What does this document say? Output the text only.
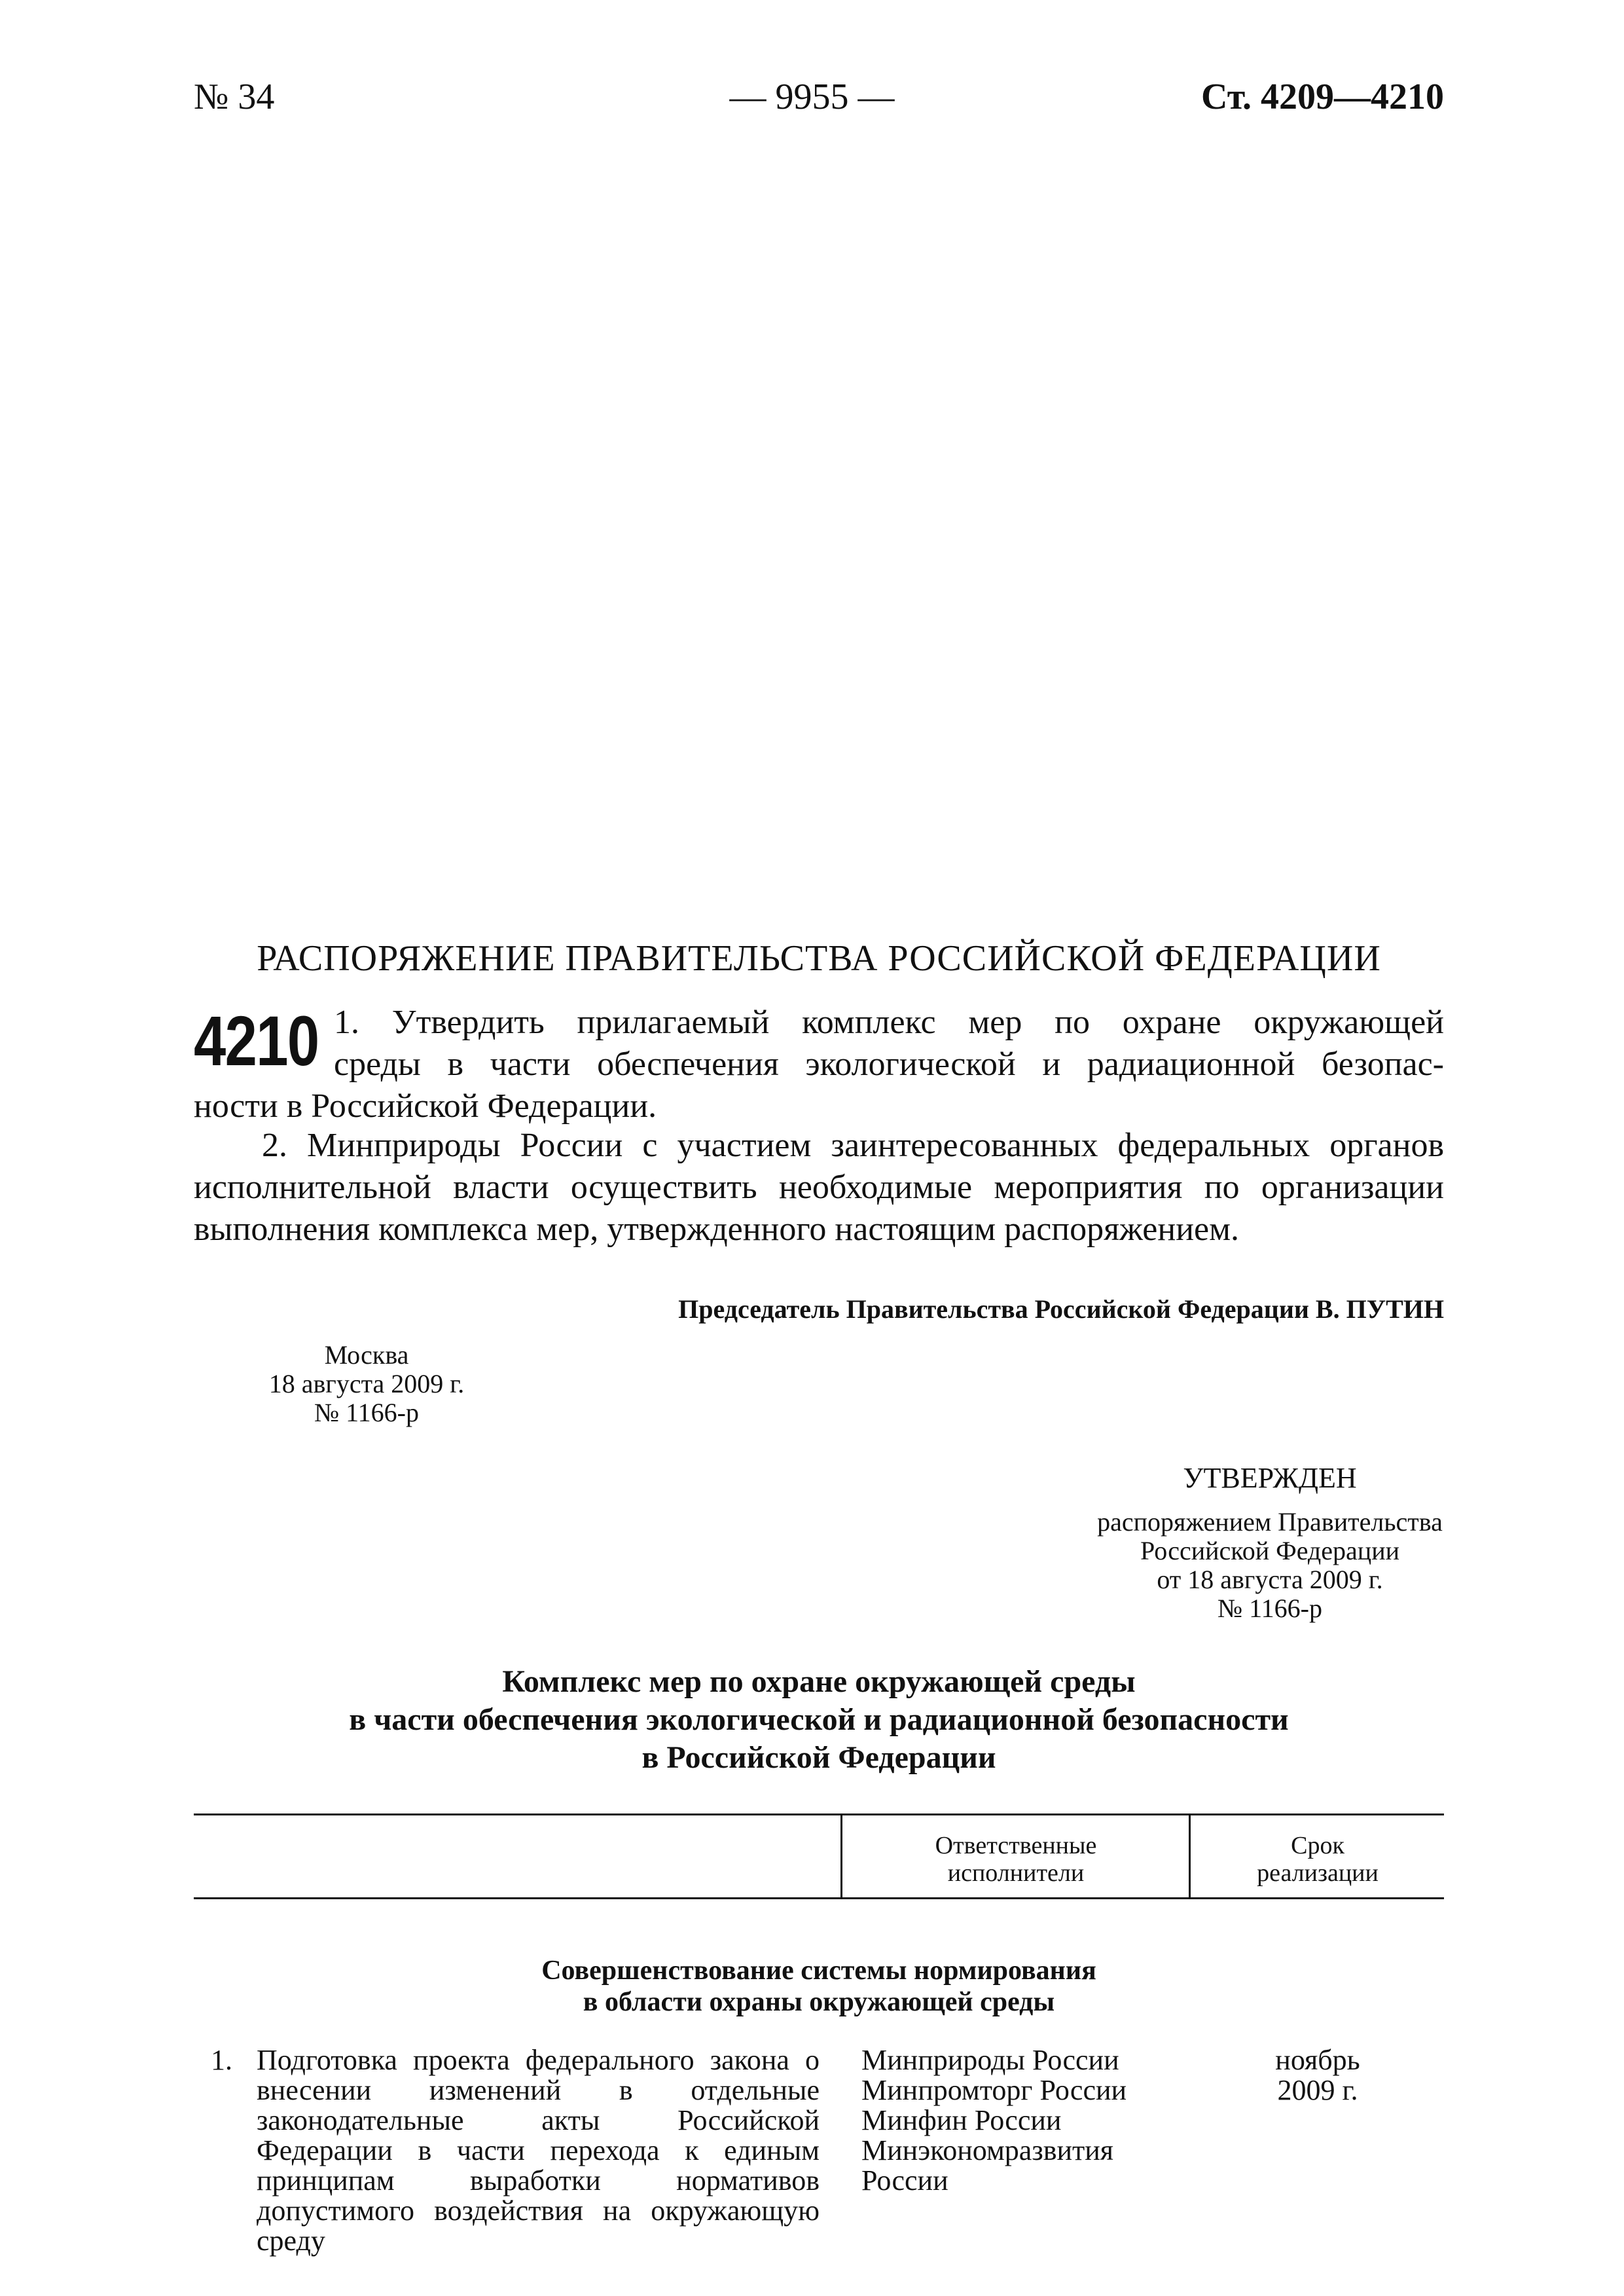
№ 34	— 9955 —	Ст. 4209—4210
РАСПОРЯЖЕНИЕ ПРАВИТЕЛЬСТВА РОССИЙСКОЙ ФЕДЕРАЦИИ
4210 1. Утвердить прилагаемый комплекс мер по охране окружающей
среды в части обеспечения экологической и радиационной безопас-
ности в Российской Федерации.
2. Минприроды России с участием заинтересованных федеральных органов исполнительной власти осуществить необходимые мероприятия по организации выполнения комплекса мер, утвержденного настоящим распоряжением.
Председатель Правительства Российской Федерации В. ПУТИН
Москва
18 августа 2009 г.
№ 1166-р
УТВЕРЖДЕН
распоряжением Правительства
Российской Федерации
от 18 августа 2009 г.
№ 1166-р
Комплекс мер по охране окружающей среды
в части обеспечения экологической и радиационной безопасности
в Российской Федерации
Ответственные
исполнители
Срок
реализации
Совершенствование системы нормирования
в области охраны окружающей среды
1. Подготовка проекта федерального закона о внесении изменений в отдельные законодательные акты Российской Федерации в части перехода к единым принципам выработки нормативов допустимого воздействия на окружающую среду
Минприроды России
Минпромторг России
Минфин России
Минэкономразвития
России
ноябрь
2009 г.
